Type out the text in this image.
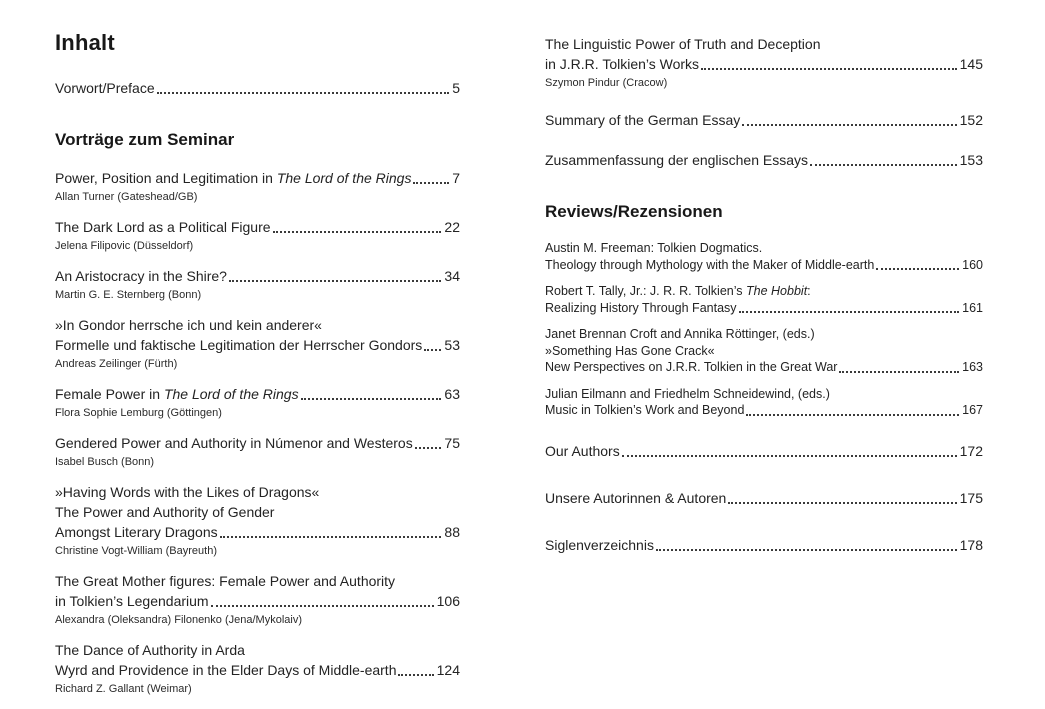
Inhalt
Vorwort/Preface	5
Vorträge zum Seminar
Power, Position and Legitimation in The Lord of the Rings	7
Allan Turner (Gateshead/GB)
The Dark Lord as a Political Figure	22
Jelena Filipovic (Düsseldorf)
An Aristocracy in the Shire?	34
Martin G. E. Sternberg (Bonn)
»In Gondor herrsche ich und kein anderer«
Formelle und faktische Legitimation der Herrscher Gondors 53
Andreas Zeilinger (Fürth)
Female Power in The Lord of the Rings	63
Flora Sophie Lemburg (Göttingen)
Gendered Power and Authority in Númenor and Westeros 75
Isabel Busch (Bonn)
»Having Words with the Likes of Dragons«
The Power and Authority of Gender
Amongst Literary Dragons	88
Christine Vogt-William (Bayreuth)
The Great Mother figures: Female Power and Authority
in Tolkien’s Legendarium	106
Alexandra (Oleksandra) Filonenko (Jena/Mykolaiv)
The Dance of Authority in Arda
Wyrd and Providence in the Elder Days of Middle-earth	124
Richard Z. Gallant (Weimar)
The Linguistic Power of Truth and Deception
in J.R.R. Tolkien’s Works	145
Szymon Pindur (Cracow)
Summary of the German Essay	152
Zusammenfassung der englischen Essays	153
Reviews/Rezensionen
Austin M. Freeman: Tolkien Dogmatics.
Theology through Mythology with the Maker of Middle-earth	160
Robert T. Tally, Jr.: J. R. R. Tolkien’s The Hobbit:
Realizing History Through Fantasy	161
Janet Brennan Croft and Annika Röttinger, (eds.)
»Something Has Gone Crack«
New Perspectives on J.R.R. Tolkien in the Great War	163
Julian Eilmann and Friedhelm Schneidewind, (eds.)
Music in Tolkien’s Work and Beyond	167
Our Authors	172
Unsere Autorinnen & Autoren	175
Siglenverzeichnis	178
